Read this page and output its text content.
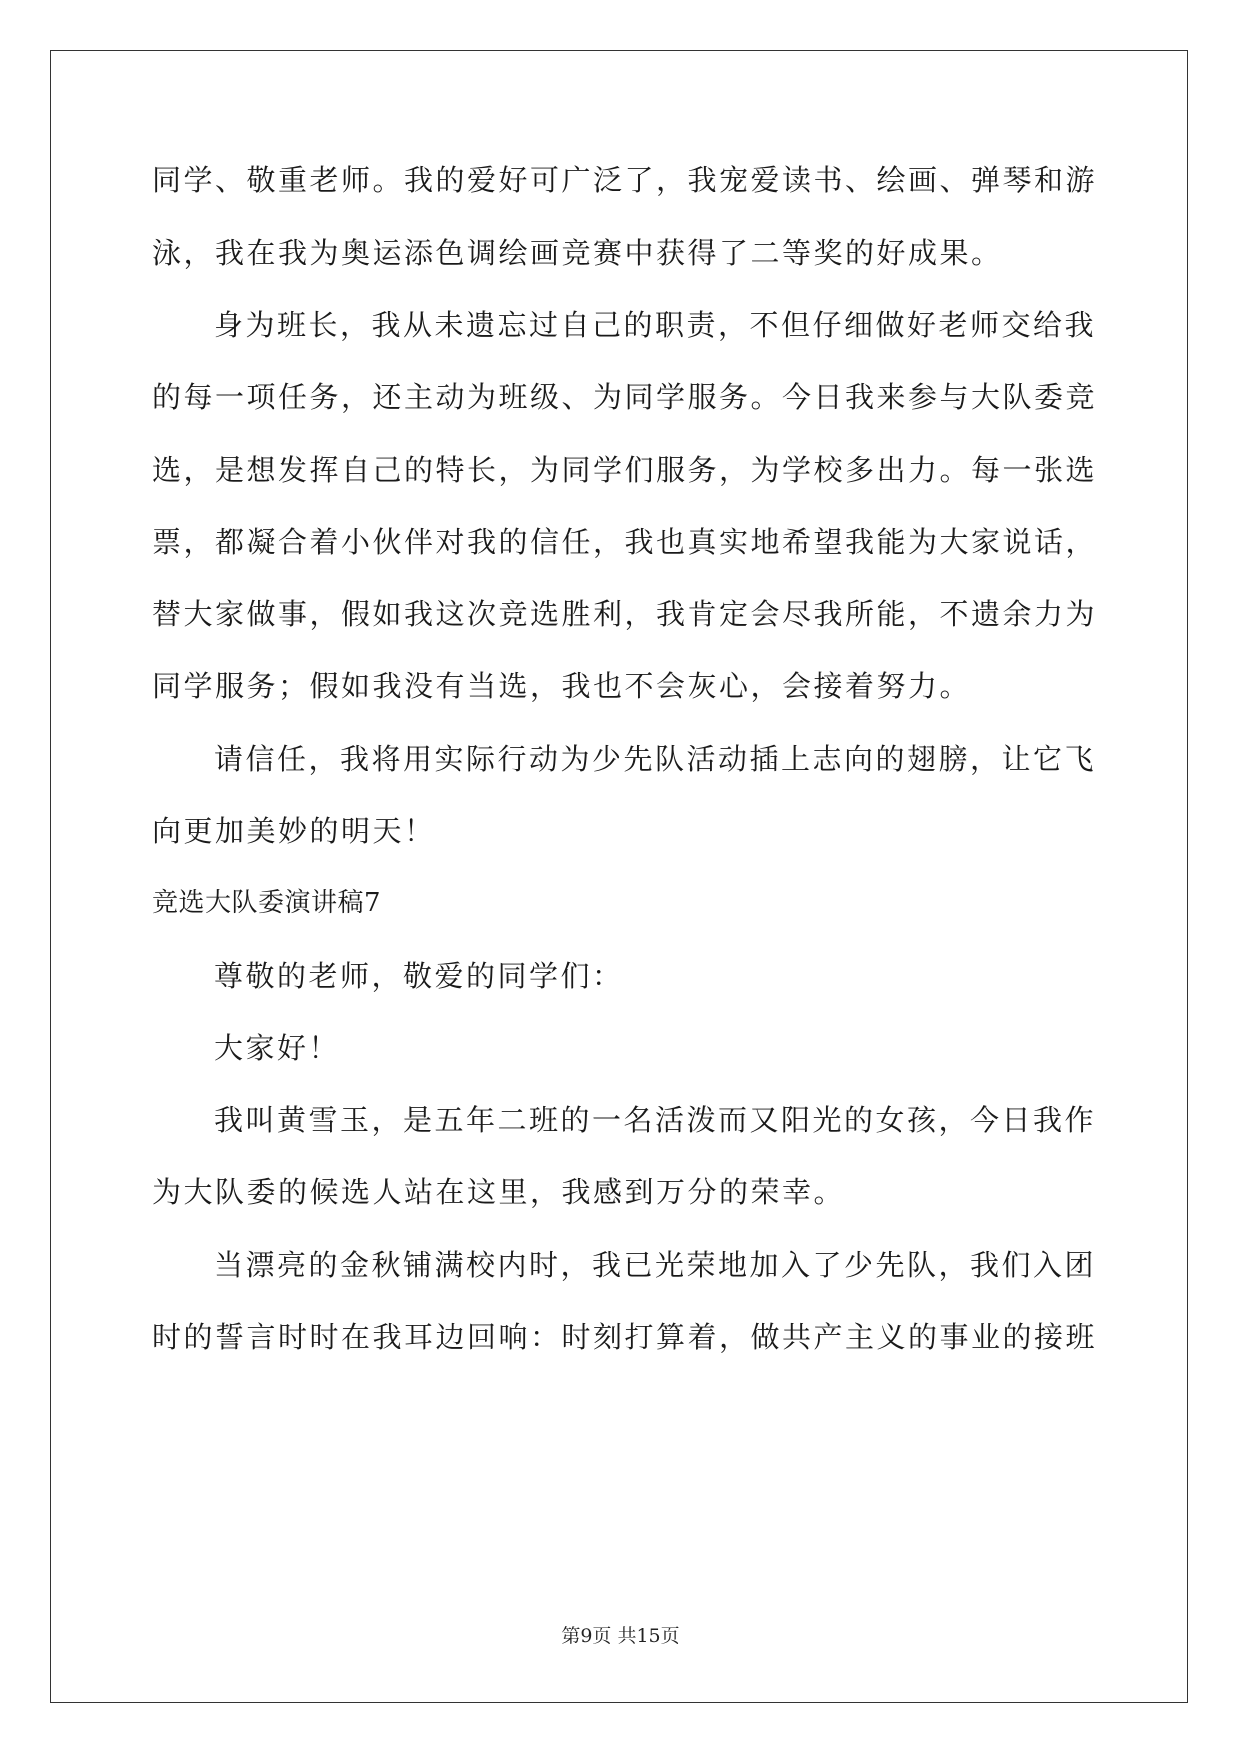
同学、敬重老师。我的爱好可广泛了，我宠爱读书、绘画、弹琴和游
泳，我在我为奥运添色调绘画竞赛中获得了二等奖的好成果。
身为班长，我从未遗忘过自己的职责，不但仔细做好老师交给我
的每一项任务，还主动为班级、为同学服务。今日我来参与大队委竞
选，是想发挥自己的特长，为同学们服务，为学校多出力。每一张选
票，都凝合着小伙伴对我的信任，我也真实地希望我能为大家说话，
替大家做事，假如我这次竞选胜利，我肯定会尽我所能，不遗余力为
同学服务；假如我没有当选，我也不会灰心，会接着努力。
请信任，我将用实际行动为少先队活动插上志向的翅膀，让它飞
向更加美妙的明天！
竞选大队委演讲稿7
尊敬的老师，敬爱的同学们：
大家好！
我叫黄雪玉，是五年二班的一名活泼而又阳光的女孩，今日我作
为大队委的候选人站在这里，我感到万分的荣幸。
当漂亮的金秋铺满校内时，我已光荣地加入了少先队，我们入团
时的誓言时时在我耳边回响：时刻打算着，做共产主义的事业的接班
第9页 共15页
